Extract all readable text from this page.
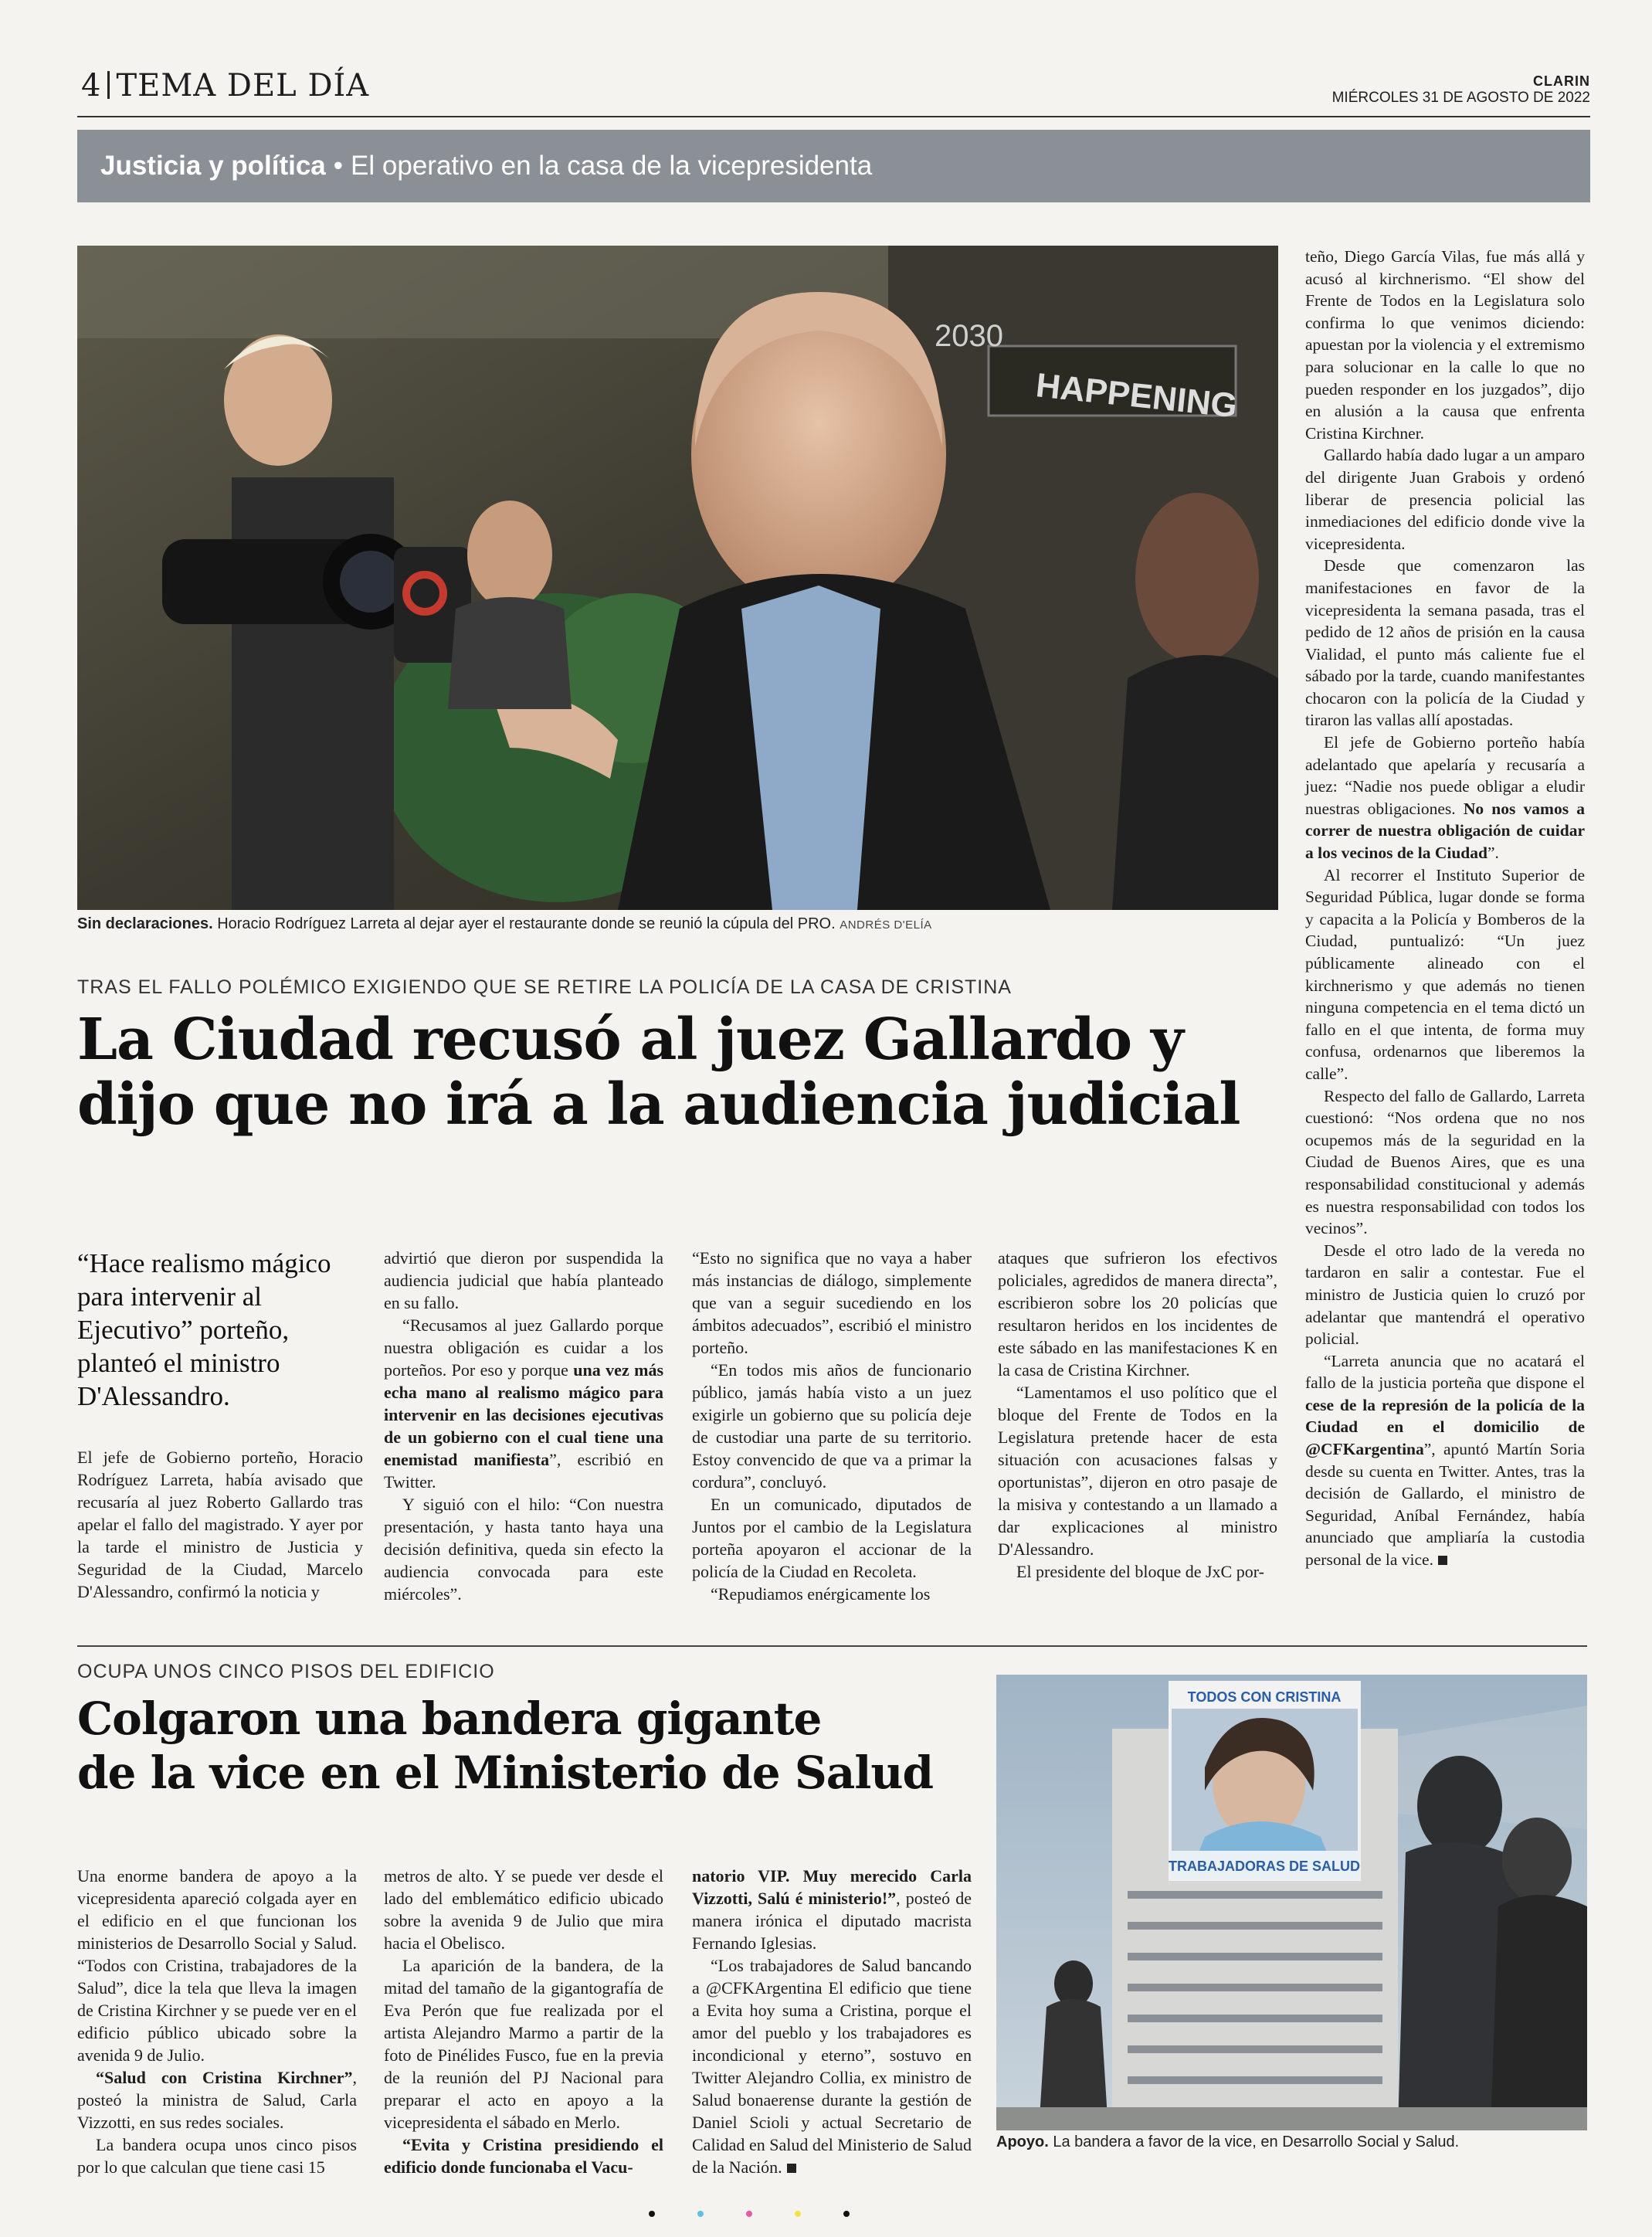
4 TEMA DEL DÍA	CLARIN
MIÉRCOLES 31 DE AGOSTO DE 2022
Justicia y política • El operativo en la casa de la vicepresidenta
HAPPENING
2030
Sin declaraciones. Horacio Rodríguez Larreta al dejar ayer el restaurante donde se reunió la cúpula del PRO. ANDRÉS D'ELÍA
TRAS EL FALLO POLÉMICO EXIGIENDO QUE SE RETIRE LA POLICÍA DE LA CASA DE CRISTINA
La Ciudad recusó al juez Gallardo y
dijo que no irá a la audiencia judicial
“Hace realismo mágico para intervenir al Ejecutivo” porteño, planteó el ministro D'Alessandro.

El jefe de Gobierno porteño, Horacio Rodríguez Larreta, había avisado que recusaría al juez Roberto Gallardo tras apelar el fallo del magistrado. Y ayer por la tarde el ministro de Justicia y Seguridad de la Ciudad, Marcelo D'Alessandro, confirmó la noticia y

advirtió que dieron por suspendida la audiencia judicial que había planteado en su fallo.

“Recusamos al juez Gallardo porque nuestra obligación es cuidar a los porteños. Por eso y porque una vez más echa mano al realismo mágico para intervenir en las decisiones ejecutivas de un gobierno con el cual tiene una enemistad manifiesta”, escribió en Twitter.

Y siguió con el hilo: “Con nuestra presentación, y hasta tanto haya una decisión definitiva, queda sin efecto la audiencia convocada para este miércoles”.

“Esto no significa que no vaya a haber más instancias de diálogo, simplemente que van a seguir sucediendo en los ámbitos adecuados”, escribió el ministro porteño.

“En todos mis años de funcionario público, jamás había visto a un juez exigirle un gobierno que su policía deje de custodiar una parte de su territorio. Estoy convencido de que va a primar la cordura”, concluyó.

En un comunicado, diputados de Juntos por el cambio de la Legislatura porteña apoyaron el accionar de la policía de la Ciudad en Recoleta.

“Repudiamos enérgicamente los

ataques que sufrieron los efectivos policiales, agredidos de manera directa”, escribieron sobre los 20 policías que resultaron heridos en los incidentes de este sábado en las manifestaciones K en la casa de Cristina Kirchner.

“Lamentamos el uso político que el bloque del Frente de Todos en la Legislatura pretende hacer de esta situación con acusaciones falsas y oportunistas”, dijeron en otro pasaje de la misiva y contestando a un llamado a dar explicaciones al ministro D'Alessandro.

El presidente del bloque de JxC por-

teño, Diego García Vilas, fue más allá y acusó al kirchnerismo. “El show del Frente de Todos en la Legislatura solo confirma lo que venimos diciendo: apuestan por la violencia y el extremismo para solucionar en la calle lo que no pueden responder en los juzgados”, dijo en alusión a la causa que enfrenta Cristina Kirchner.

Gallardo había dado lugar a un amparo del dirigente Juan Grabois y ordenó liberar de presencia policial las inmediaciones del edificio donde vive la vicepresidenta.

Desde que comenzaron las manifestaciones en favor de la vicepresidenta la semana pasada, tras el pedido de 12 años de prisión en la causa Vialidad, el punto más caliente fue el sábado por la tarde, cuando manifestantes chocaron con la policía de la Ciudad y tiraron las vallas allí apostadas.

El jefe de Gobierno porteño había adelantado que apelaría y recusaría a juez: “Nadie nos puede obligar a eludir nuestras obligaciones. No nos vamos a correr de nuestra obligación de cuidar a los vecinos de la Ciudad”.

Al recorrer el Instituto Superior de Seguridad Pública, lugar donde se forma y capacita a la Policía y Bomberos de la Ciudad, puntualizó: “Un juez públicamente alineado con el kirchnerismo y que además no tienen ninguna competencia en el tema dictó un fallo en el que intenta, de forma muy confusa, ordenarnos que liberemos la calle”.

Respecto del fallo de Gallardo, Larreta cuestionó: “Nos ordena que no nos ocupemos más de la seguridad en la Ciudad de Buenos Aires, que es una responsabilidad constitucional y además es nuestra responsabilidad con todos los vecinos”.

Desde el otro lado de la vereda no tardaron en salir a contestar. Fue el ministro de Justicia quien lo cruzó por adelantar que mantendrá el operativo policial.

“Larreta anuncia que no acatará el fallo de la justicia porteña que dispone el cese de la represión de la policía de la Ciudad en el domicilio de @CFKargentina”, apuntó Martín Soria desde su cuenta en Twitter. Antes, tras la decisión de Gallardo, el ministro de Seguridad, Aníbal Fernández, había anunciado que ampliaría la custodia personal de la vice.

OCUPA UNOS CINCO PISOS DEL EDIFICIO
Colgaron una bandera gigante
de la vice en el Ministerio de Salud

Una enorme bandera de apoyo a la vicepresidenta apareció colgada ayer en el edificio en el que funcionan los ministerios de Desarrollo Social y Salud. “Todos con Cristina, trabajadores de la Salud”, dice la tela que lleva la imagen de Cristina Kirchner y se puede ver en el edificio público ubicado sobre la avenida 9 de Julio.

“Salud con Cristina Kirchner”, posteó la ministra de Salud, Carla Vizzotti, en sus redes sociales.

La bandera ocupa unos cinco pisos por lo que calculan que tiene casi 15

metros de alto. Y se puede ver desde el lado del emblemático edificio ubicado sobre la avenida 9 de Julio que mira hacia el Obelisco.

La aparición de la bandera, de la mitad del tamaño de la gigantografía de Eva Perón que fue realizada por el artista Alejandro Marmo a partir de la foto de Pinélides Fusco, fue en la previa de la reunión del PJ Nacional para preparar el acto en apoyo a la vicepresidenta el sábado en Merlo.

“Evita y Cristina presidiendo el edificio donde funcionaba el Vacu-

natorio VIP. Muy merecido Carla Vizzotti, Salú é ministerio!”, posteó de manera irónica el diputado macrista Fernando Iglesias.

“Los trabajadores de Salud bancando a @CFKArgentina El edificio que tiene a Evita hoy suma a Cristina, porque el amor del pueblo y los trabajadores es incondicional y eterno”, sostuvo en Twitter Alejandro Collia, ex ministro de Salud bonaerense durante la gestión de Daniel Scioli y actual Secretario de Calidad en Salud del Ministerio de Salud de la Nación.

TODOS CON CRISTINA
TRABAJADORAS DE SALUD
Apoyo. La bandera a favor de la vice, en Desarrollo Social y Salud.
